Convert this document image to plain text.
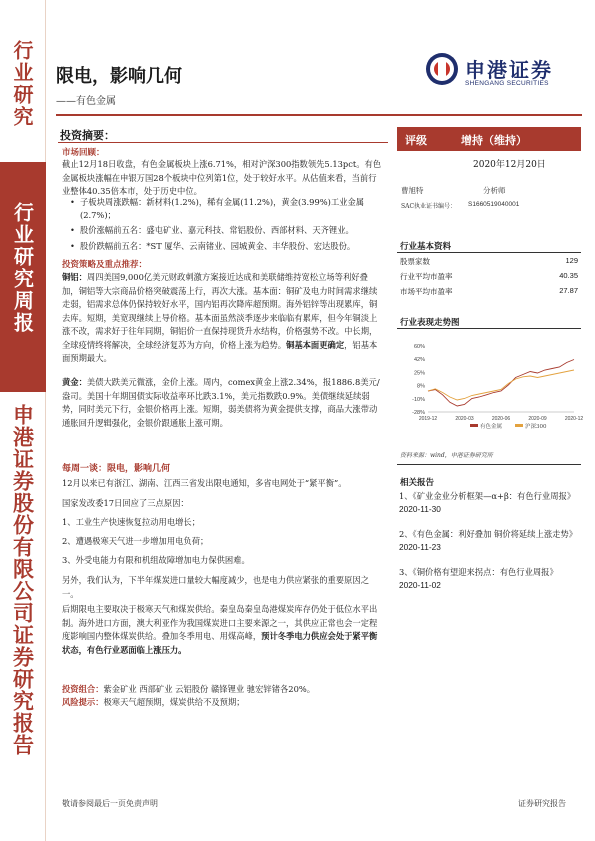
行业研究
行业研究周报
申港证券股份有限公司证券研究报告
限电，影响几何
——有色金属
申港证券
SHENGANG SECURITIES
投资摘要：
市场回顾：
截止12月18日收盘，有色金属板块上涨6.71%，相对沪深300指数领先5.13pct。有色金属板块涨幅在申银万国28个板块中位列第1位，处于较好水平。从估值来看，当前行业整体40.35倍本市，处于历史中位。
• 子板块周涨跌幅：新材料(1.2%)，稀有金属(11.2%)，黄金(3.99%)工业金属(2.7%)；
• 股价涨幅前五名：盛屯矿业、嘉元科技、常铝股份、西部材料、天齐锂业。
• 股价跌幅前五名：*ST 厦华、云南锗业、园城黄金、丰华股份、宏达股份。
投资策略及重点推荐：
铜铝：周四美国9,000亿美元财政刺激方案接近达成和美联储维持宽松立场等利好叠加，铜铝等大宗商品价格突破震荡上行，再次大涨。基本面：铜矿及电力时间需求继续走弱，铝需求总体仍保持较好水平，国内铝再次降库超预期。海外铝锌等出现累库，铜去库。短期，美宽现继续上导价格。基本面虽然淡季逐步来临临有累库，但今年铜淡上涨不改，需求好于往年同期，铜铝价一直保持现货升水结构，价格强势不改。中长期，全球疫情终将解决，全球经济复苏为方向，价格上涨为趋势。铜基本面更确定，铝基本面预期最大。
黄金：美债大跌美元微涨，金价上涨。周内，comex黄金上涨2.34%，报1886.8美元/盎司。美国十年期国债实际收益率环比跌3.1%，美元指数跌0.9%。美债继续延续弱势，同时美元下行，金银价格再上涨。短期，弱美债将为黄金提供支撑，商品大涨带动通胀回升逻辑强化，金银价跟通胀上涨可期。
每周一谈：限电，影响几何
12月以来已有浙江、湖南、江西三省发出限电通知，多省电网处于“紧平衡”。
国家发改委17日回应了三点原因：
1、工业生产快速恢复拉动用电增长；
2、遭遇极寒天气进一步增加用电负荷；
3、外受电能力有限和机组故障增加电力保供困难。
另外，我们认为，下半年煤炭进口量较大幅度减少，也是电力供应紧张的重要原因之一。
后期限电主要取决于极寒天气和煤炭供给。秦皇岛秦皇岛港煤炭库存仍处于低位水平出制。海外进口方面，澳大利亚作为我国煤炭进口主要来源之一，其供应正常也会一定程度影响国内整体煤炭供给。叠加冬季用电、用煤高峰，预计冬季电力供应会处于紧平衡状态，有色行业恶面临上涨压力。
投资组合：紫金矿业 西部矿业 云铝股份 赣锋锂业 驰宏锌锗各20%。
风险提示：极寒天气超预期，煤炭供给不及预期；
评级	增持（维持）
2020年12月20日
曹旭特	分析师
SAC执业证书编号： S1660519040001
行业基本资料
股票家数	129
行业平均市盈率	40.35
市场平均市盈率	27.87
行业表现走势图
-28%
-10%
8%
25%
42%
60%
2019-12	2020-03	2020-06	2020-09	2020-12
有色金属	沪深300
资料来源：wind，申港证券研究所
相关报告
1、《矿业金业分析框架—α+β：有色行业周报》
2020-11-30
2、《有色金属：利好叠加 铜价将延续上涨走势》
2020-11-23
3、《铜价格有望迎来拐点：有色行业周报》
2020-11-02
敬请参阅最后一页免责声明	证券研究报告
